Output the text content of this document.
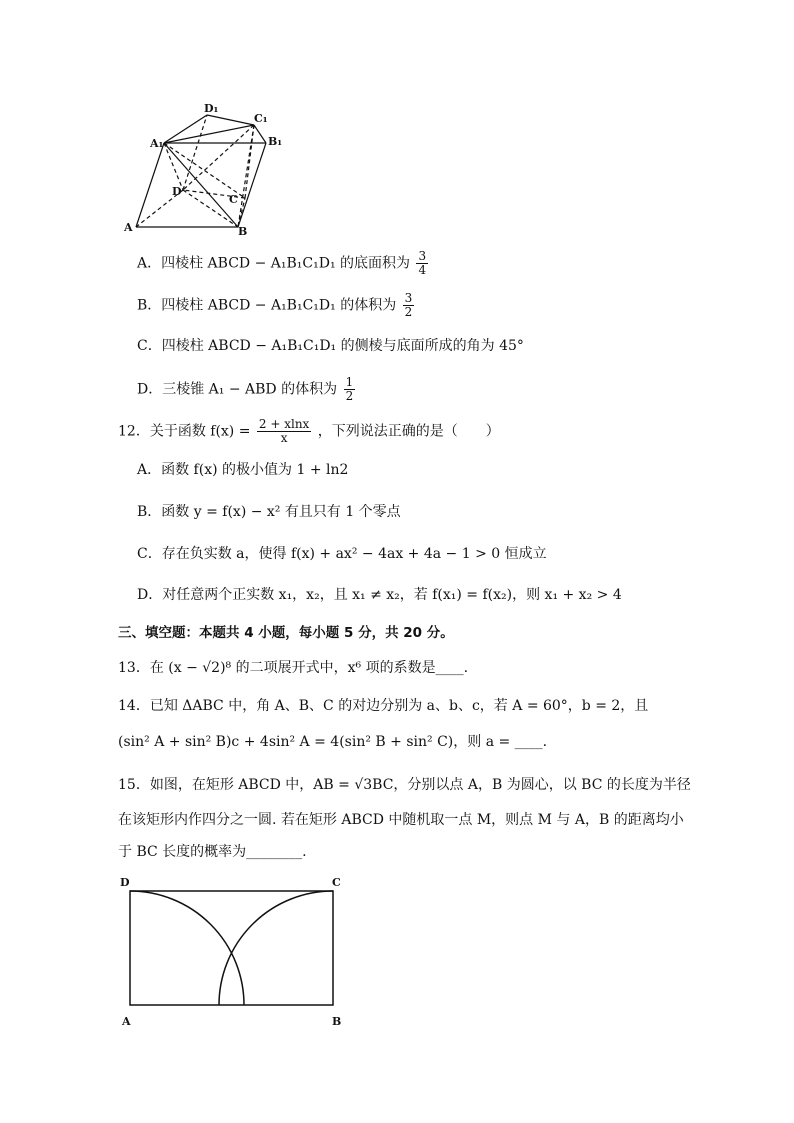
A	B
C
D
A₁	B₁
C₁
D₁
A．四棱柱 ABCD − A₁B₁C₁D₁ 的底面积为 $\frac{3}{4}$
B．四棱柱 ABCD − A₁B₁C₁D₁ 的体积为 $\frac{3}{2}$
C．四棱柱 ABCD − A₁B₁C₁D₁ 的侧棱与底面所成的角为 45°
D．三棱锥 A₁ − ABD 的体积为 $\frac{1}{2}$
12．关于函数 $f(x) = \frac{2 + xlnx}{x}$ ，下列说法正确的是（　　）
A．函数 f(x) 的极小值为 1 + ln2
B．函数 y = f(x) − x² 有且只有 1 个零点
C．存在负实数 a，使得 f(x) + ax² − 4ax + 4a − 1 > 0 恒成立
D．对任意两个正实数 x₁，x₂，且 x₁ ≠ x₂，若 f(x₁) = f(x₂)，则 x₁ + x₂ > 4
三、填空题：本题共 4 小题，每小题 5 分，共 20 分。
13．在 (x − √2)⁸ 的二项展开式中，x⁶ 项的系数是____.
14．已知 ΔABC 中，角 A、B、C 的对边分别为 a、b、c，若 A = 60°，b = 2，且
(sin² A + sin² B)c + 4sin² A = 4(sin² B + sin² C)，则 a = ____.
15．如图，在矩形 ABCD 中，AB = √3BC，分别以点 A，B 为圆心，以 BC 的长度为半径
在该矩形内作四分之一圆. 若在矩形 ABCD 中随机取一点 M，则点 M 与 A，B 的距离均小
于 BC 长度的概率为________.
D	C
A	B
